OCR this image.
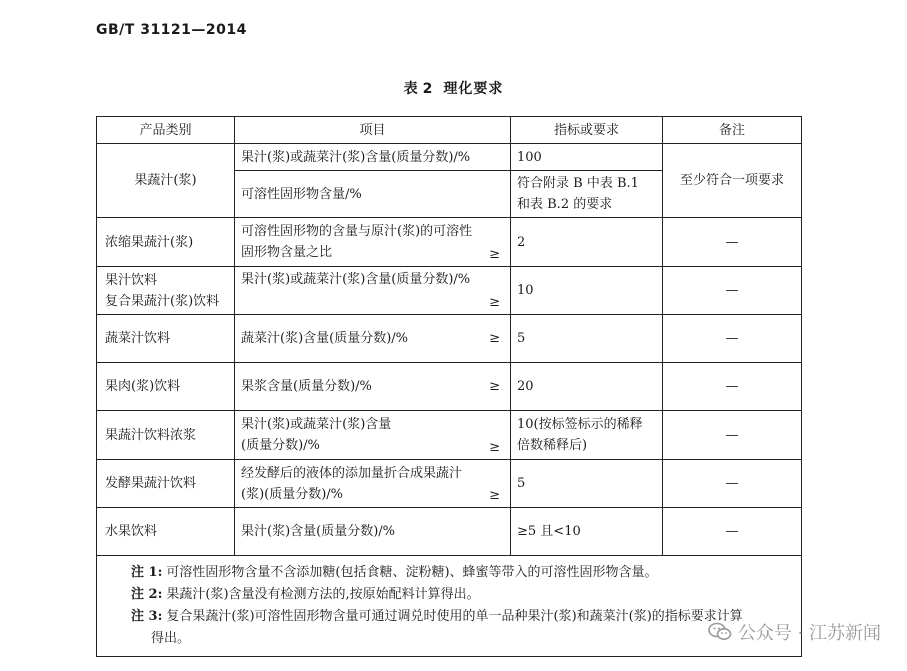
GB/T 31121—2014
表 2 理化要求
产品类别	项目	指标或要求	备注
果蔬汁(浆)	果汁(浆)或蔬菜汁(浆)含量(质量分数)/%	100	至少符合一项要求
	可溶性固形物含量/%	符合附录 B 中表 B.1
和表 B.2 的要求	

浓缩果蔬汁(浆)	可溶性固形物的含量与原汁(浆)的可溶性
固形物含量之比 ≥	2	—

果汁饮料
复合果蔬汁(浆)饮料	果汁(浆)或蔬菜汁(浆)含量(质量分数)/%
≥	10	—
蔬菜汁饮料	蔬菜汁(浆)含量(质量分数)/% ≥	5	—
果肉(浆)饮料	果浆含量(质量分数)/% ≥	20	—
果蔬汁饮料浓浆	果汁(浆)或蔬菜汁(浆)含量
(质量分数)/% ≥	10(按标签标示的稀释
倍数稀释后)	—
发酵果蔬汁饮料	经发酵后的液体的添加量折合成果蔬汁
(浆)(质量分数)/% ≥	5	—
水果饮料	果汁(浆)含量(质量分数)/%	≥5 且<10	—

注 1: 可溶性固形物含量不含添加糖(包括食糖、淀粉糖)、蜂蜜等带入的可溶性固形物含量。
注 2: 果蔬汁(浆)含量没有检测方法的,按原始配料计算得出。
注 3: 复合果蔬汁(浆)可溶性固形物含量可通过调兑时使用的单一品种果汁(浆)和蔬菜汁(浆)的指标要求计算
得出。				公众号 · 江苏新闻
